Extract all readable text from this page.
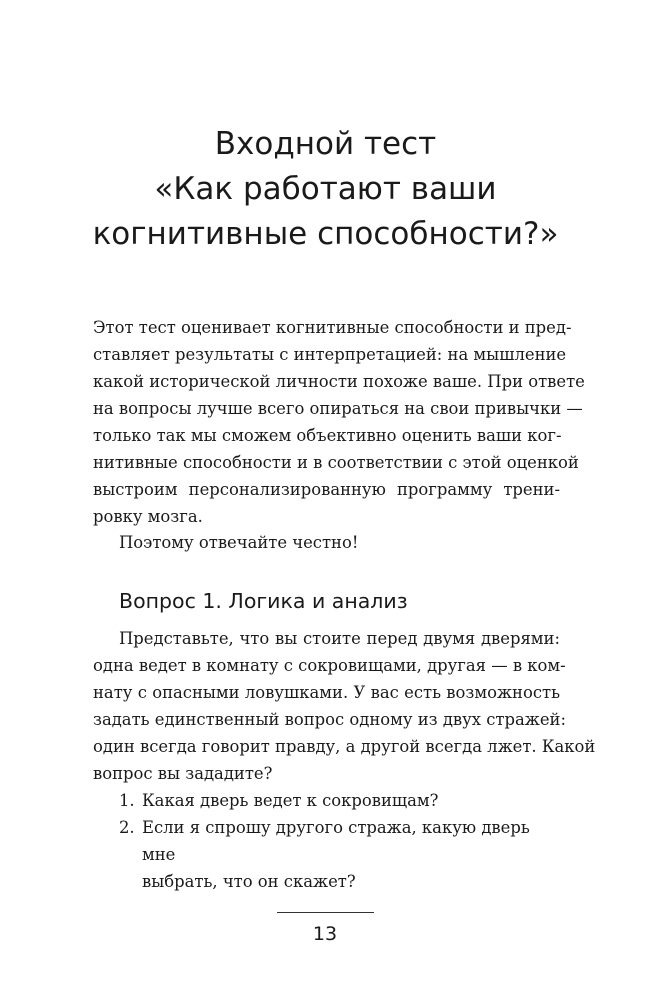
Входной тест
«Как работают ваши
когнитивные способности?»

Этот тест оценивает когнитивные способности и пред-
ставляет результаты с интерпретацией: на мышление
какой исторической личности похоже ваше. При ответе
на вопросы лучше всего опираться на свои привычки —
только так мы сможем объективно оценить ваши ког-
нитивные способности и в соответствии с этой оценкой
выстроим персонализированную программу трени-
ровку мозга.

Поэтому отвечайте честно!

Вопрос 1. Логика и анализ

Представьте, что вы стоите перед двумя дверями:
одна ведет в комнату с сокровищами, другая — в ком-
нату с опасными ловушками. У вас есть возможность
задать единственный вопрос одному из двух стражей:
один всегда говорит правду, а другой всегда лжет. Какой
вопрос вы зададите?

1. Какая дверь ведет к сокровищам?
2. Если я спрошу другого стража, какую дверь мне
выбрать, что он скажет?
13
